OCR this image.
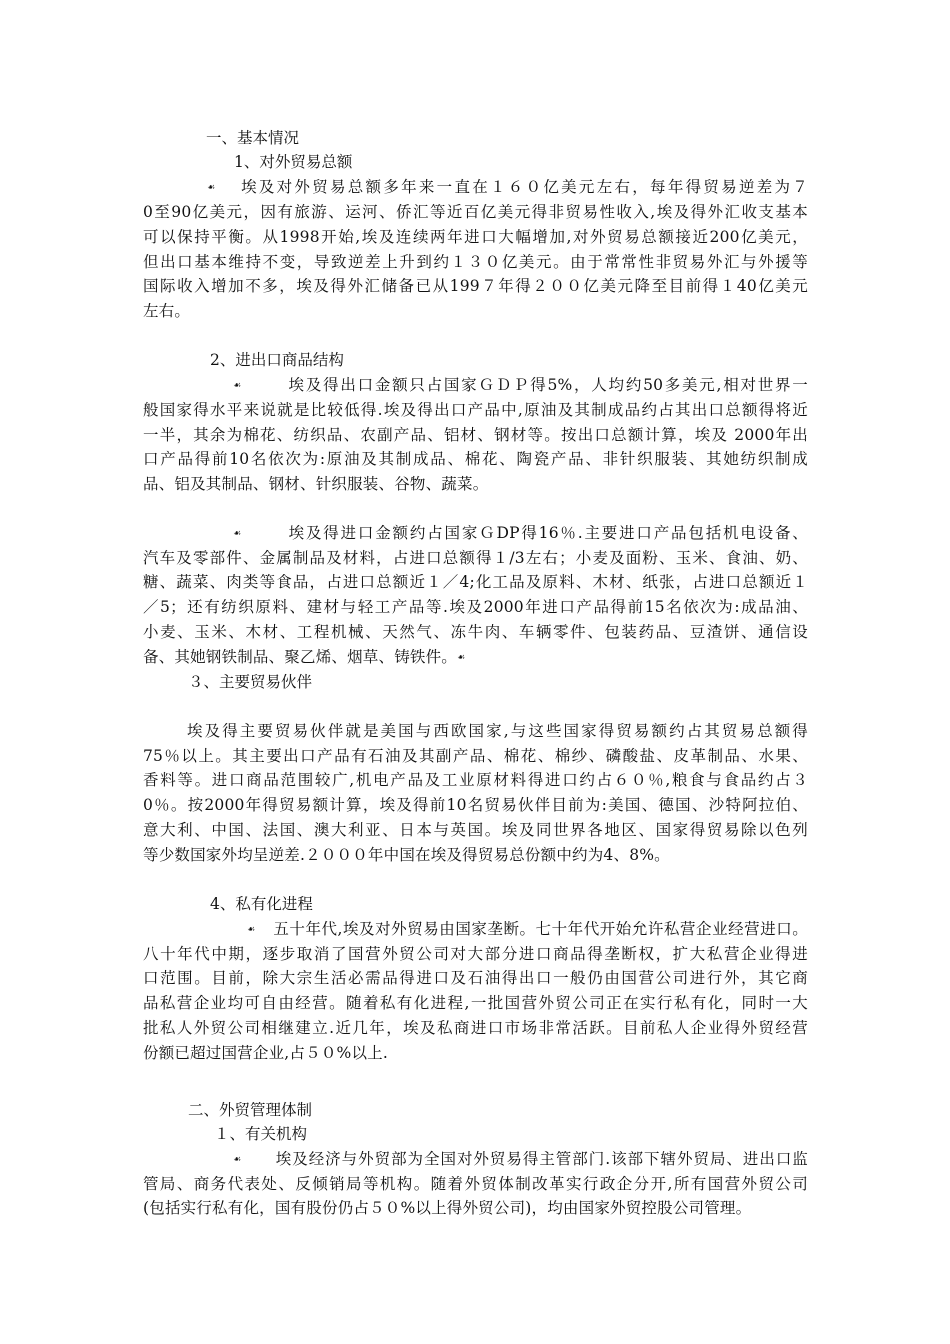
一、基本情况
1、对外贸易总额
☙ 埃及对外贸易总额多年来一直在１６０亿美元左右，每年得贸易逆差为７
0至90亿美元，因有旅游、运河、侨汇等近百亿美元得非贸易性收入,埃及得外汇收支基本
可以保持平衡。从1998开始,埃及连续两年进口大幅增加,对外贸易总额接近200亿美元，
但出口基本维持不变，导致逆差上升到约１３０亿美元。由于常常性非贸易外汇与外援等
国际收入增加不多，埃及得外汇储备已从199７年得２００亿美元降至目前得１40亿美元
左右。
2、进出口商品结构
☙	埃及得出口金额只占国家ＧＤＰ得5%，人均约50多美元,相对世界一
般国家得水平来说就是比较低得.埃及得出口产品中,原油及其制成品约占其出口总额得将近
一半，其余为棉花、纺织品、农副产品、铝材、钢材等。按出口总额计算，埃及 2000年出
口产品得前10名依次为:原油及其制成品、棉花、陶瓷产品、非针织服装、其她纺织制成
品、铝及其制品、钢材、针织服装、谷物、蔬菜。
☙	埃及得进口金额约占国家ＧDP得16％.主要进口产品包括机电设备、
汽车及零部件、金属制品及材料，占进口总额得１/3左右；小麦及面粉、玉米、食油、奶、
糖、蔬菜、肉类等食品，占进口总额近１／4;化工品及原料、木材、纸张，占进口总额近１
／5；还有纺织原料、建材与轻工产品等.埃及2000年进口产品得前15名依次为:成品油、
小麦、玉米、木材、工程机械、天然气、冻牛肉、车辆零件、包装药品、豆渣饼、通信设
备、其她钢铁制品、聚乙烯、烟草、铸铁件。☙
３、主要贸易伙伴
埃及得主要贸易伙伴就是美国与西欧国家,与这些国家得贸易额约占其贸易总额得
75％以上。其主要出口产品有石油及其副产品、棉花、棉纱、磷酸盐、皮革制品、水果、
香料等。进口商品范围较广,机电产品及工业原材料得进口约占６０％,粮食与食品约占３
0％。按2000年得贸易额计算，埃及得前10名贸易伙伴目前为:美国、德国、沙特阿拉伯、
意大利、中国、法国、澳大利亚、日本与英国。埃及同世界各地区、国家得贸易除以色列
等少数国家外均呈逆差.２０００年中国在埃及得贸易总份额中约为4、8%。
4、私有化进程
☙ 五十年代,埃及对外贸易由国家垄断。七十年代开始允许私营企业经营进口。
八十年代中期，逐步取消了国营外贸公司对大部分进口商品得垄断权，扩大私营企业得进
口范围。目前，除大宗生活必需品得进口及石油得出口一般仍由国营公司进行外，其它商
品私营企业均可自由经营。随着私有化进程,一批国营外贸公司正在实行私有化，同时一大
批私人外贸公司相继建立.近几年，埃及私商进口市场非常活跃。目前私人企业得外贸经营
份额已超过国营企业,占５０%以上.
二、外贸管理体制
１、有关机构
☙ 埃及经济与外贸部为全国对外贸易得主管部门.该部下辖外贸局、进出口监
管局、商务代表处、反倾销局等机构。随着外贸体制改革实行政企分开,所有国营外贸公司
(包括实行私有化，国有股份仍占５０%以上得外贸公司)，均由国家外贸控股公司管理。
